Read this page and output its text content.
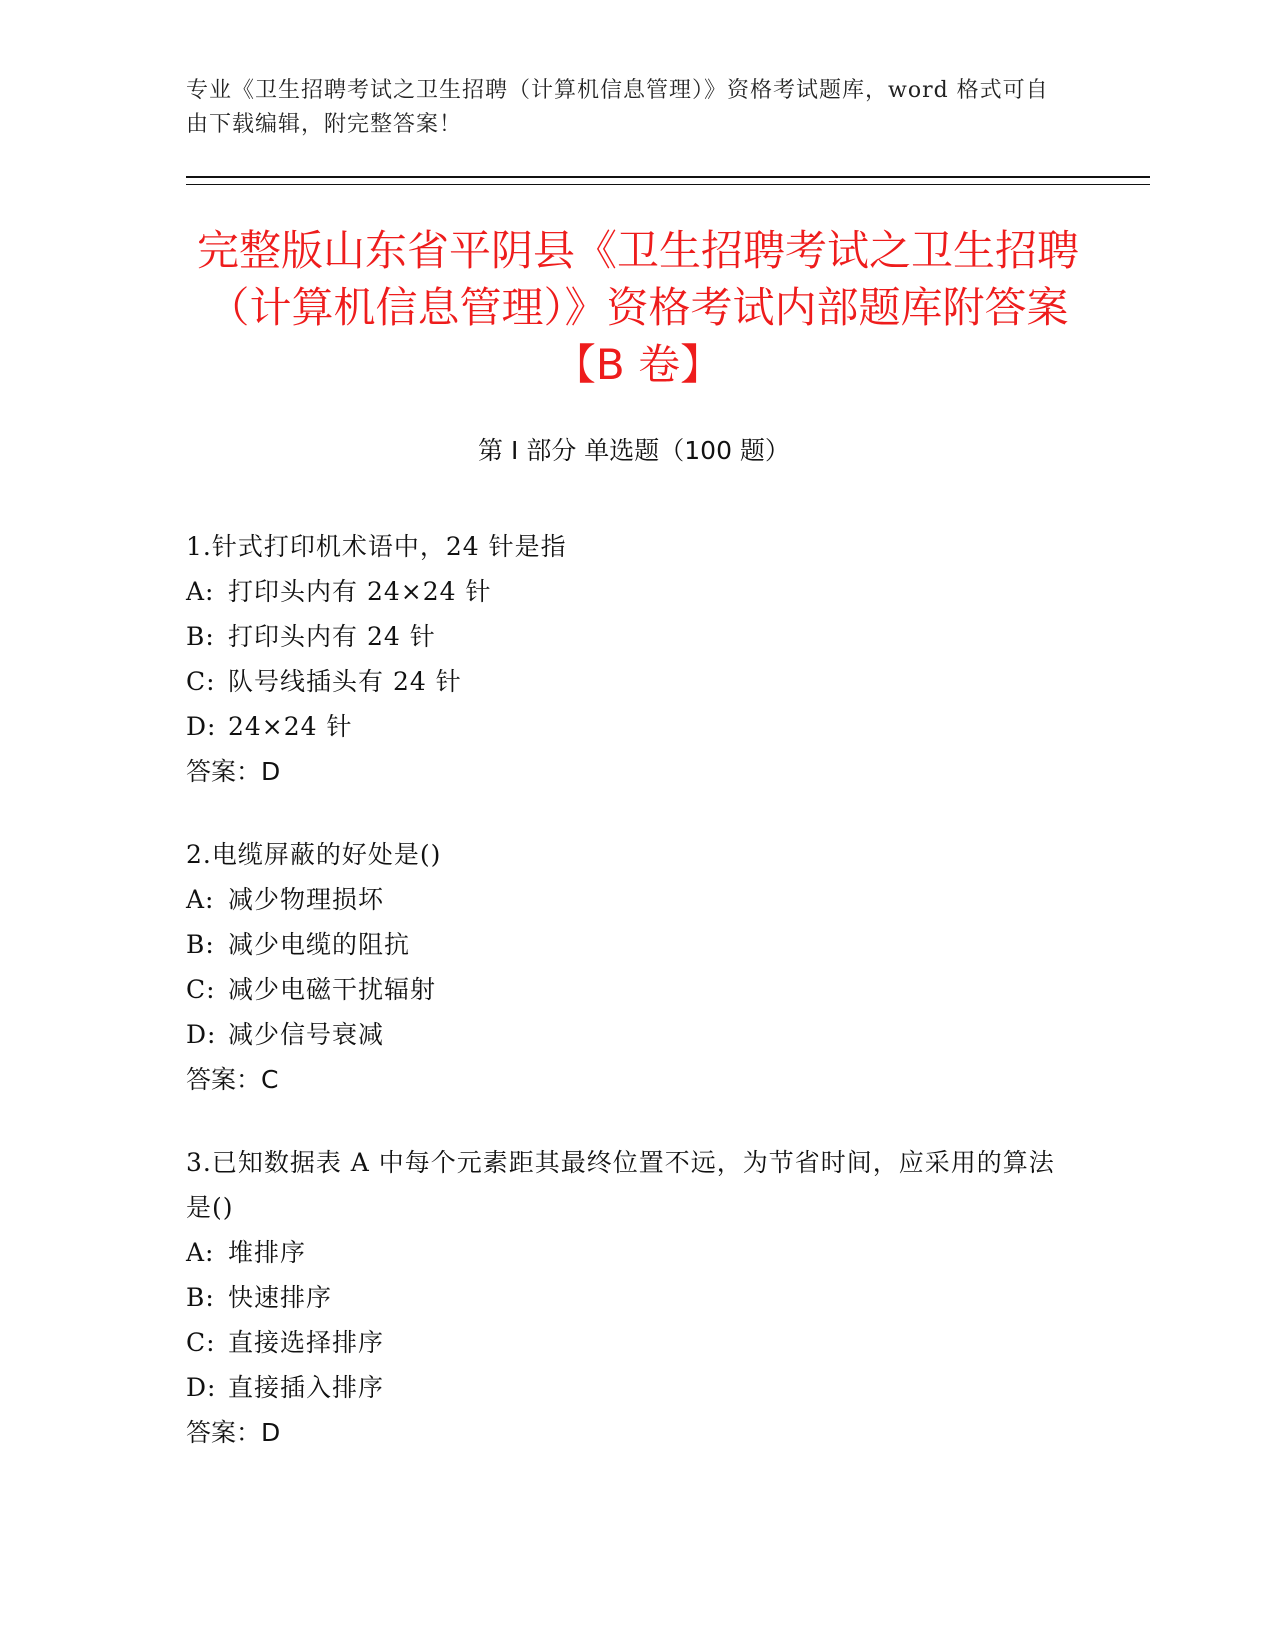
专业《卫生招聘考试之卫生招聘（计算机信息管理）》资格考试题库，word 格式可自由下载编辑，附完整答案！

完整版山东省平阴县《卫生招聘考试之卫生招聘（计算机信息管理）》资格考试内部题库附答案【B 卷】
第 I 部分 单选题（100 题）

1.针式打印机术语中，24 针是指

A: 打印头内有 24×24 针

B: 打印头内有 24 针

C: 队号线插头有 24 针

D: 24×24 针

答案：D

2.电缆屏蔽的好处是()

A: 减少物理损坏

B: 减少电缆的阻抗

C: 减少电磁干扰辐射

D: 减少信号衰减

答案：C

3.已知数据表 A 中每个元素距其最终位置不远，为节省时间，应采用的算法是()

A: 堆排序

B: 快速排序

C: 直接选择排序

D: 直接插入排序

答案：D
